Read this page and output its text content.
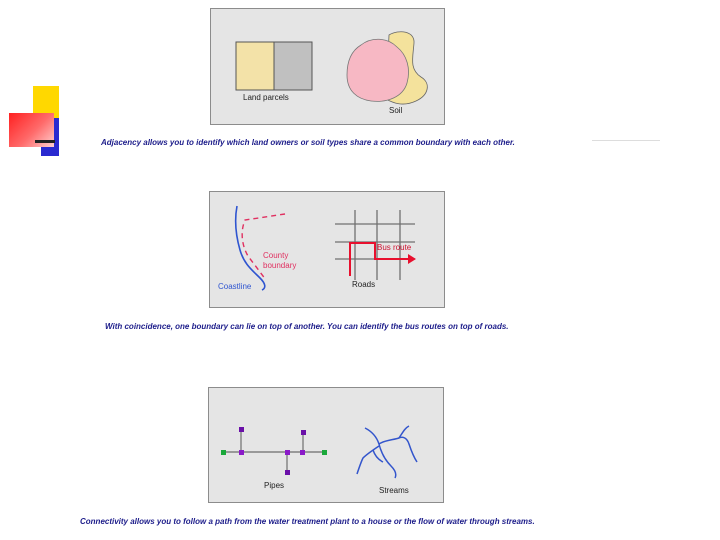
Land parcels
Soil
Adjacency allows you to identify which land owners or soil types share a common boundary with each other.
Bus route
County
boundary
Coastline	Roads
With coincidence, one boundary can lie on top of another. You can identify the bus routes on top of roads.
Pipes
Streams
Connectivity allows you to follow a path from the water treatment plant to a house or the flow of water through streams.
